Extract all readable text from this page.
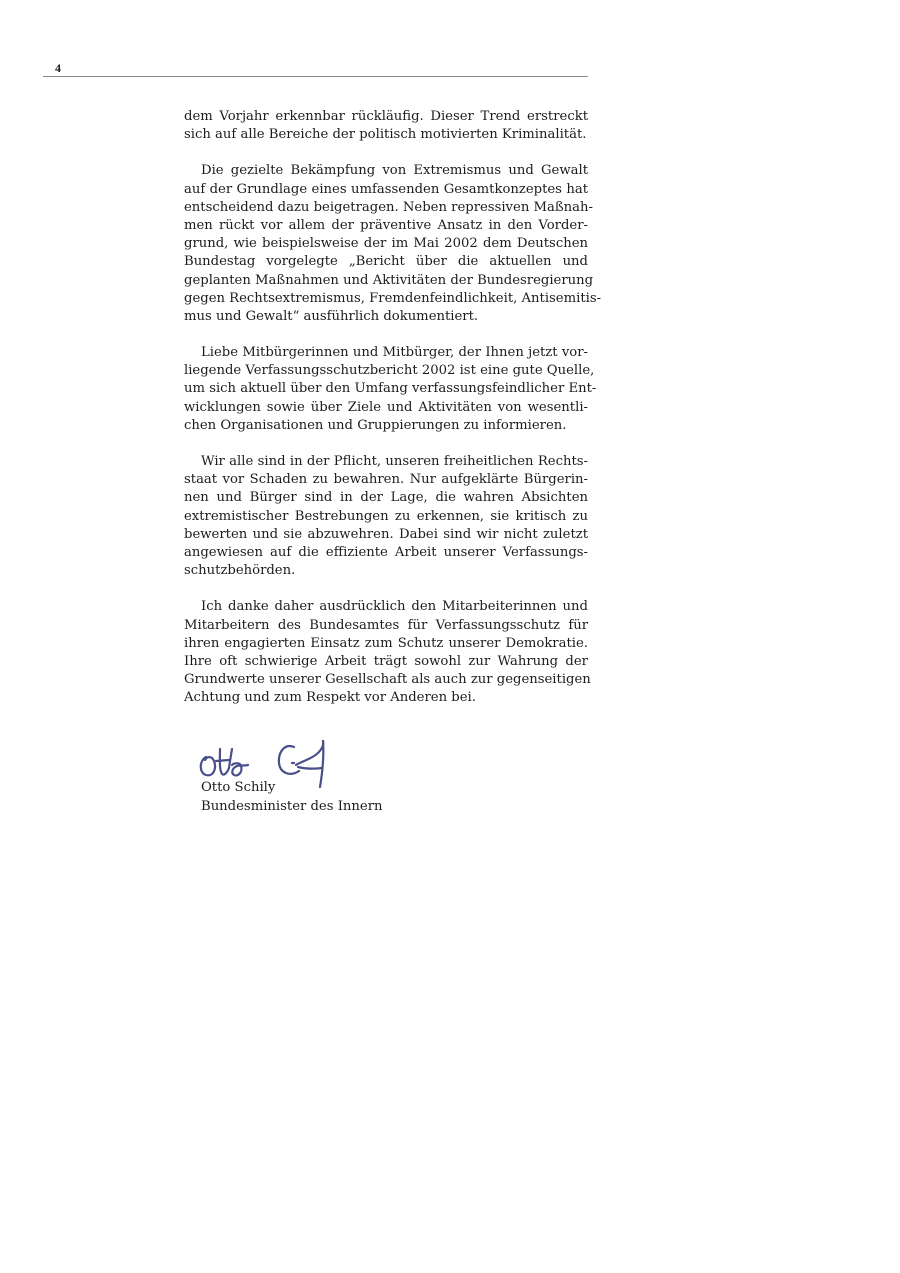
4
dem Vorjahr erkennbar rückläufig. Dieser Trend erstreckt
sich auf alle Bereiche der politisch motivierten Kriminalität.
Die gezielte Bekämpfung von Extremismus und Gewalt
auf der Grundlage eines umfassenden Gesamtkonzeptes hat
entscheidend dazu beigetragen. Neben repressiven Maßnah-
men rückt vor allem der präventive Ansatz in den Vorder-
grund, wie beispielsweise der im Mai 2002 dem Deutschen
Bundestag vorgelegte „Bericht über die aktuellen und
geplanten Maßnahmen und Aktivitäten der Bundesregierung
gegen Rechtsextremismus, Fremdenfeindlichkeit, Antisemitis-
mus und Gewalt“ ausführlich dokumentiert.
Liebe Mitbürgerinnen und Mitbürger, der Ihnen jetzt vor-
liegende Verfassungsschutzbericht 2002 ist eine gute Quelle,
um sich aktuell über den Umfang verfassungsfeindlicher Ent-
wicklungen sowie über Ziele und Aktivitäten von wesentli-
chen Organisationen und Gruppierungen zu informieren.
Wir alle sind in der Pflicht, unseren freiheitlichen Rechts-
staat vor Schaden zu bewahren. Nur aufgeklärte Bürgerin-
nen und Bürger sind in der Lage, die wahren Absichten
extremistischer Bestrebungen zu erkennen, sie kritisch zu
bewerten und sie abzuwehren. Dabei sind wir nicht zuletzt
angewiesen auf die effiziente Arbeit unserer Verfassungs-
schutzbehörden.
Ich danke daher ausdrücklich den Mitarbeiterinnen und
Mitarbeitern des Bundesamtes für Verfassungsschutz für
ihren engagierten Einsatz zum Schutz unserer Demokratie.
Ihre oft schwierige Arbeit trägt sowohl zur Wahrung der
Grundwerte unserer Gesellschaft als auch zur gegenseitigen
Achtung und zum Respekt vor Anderen bei.
Otto Schily
Bundesminister des Innern
